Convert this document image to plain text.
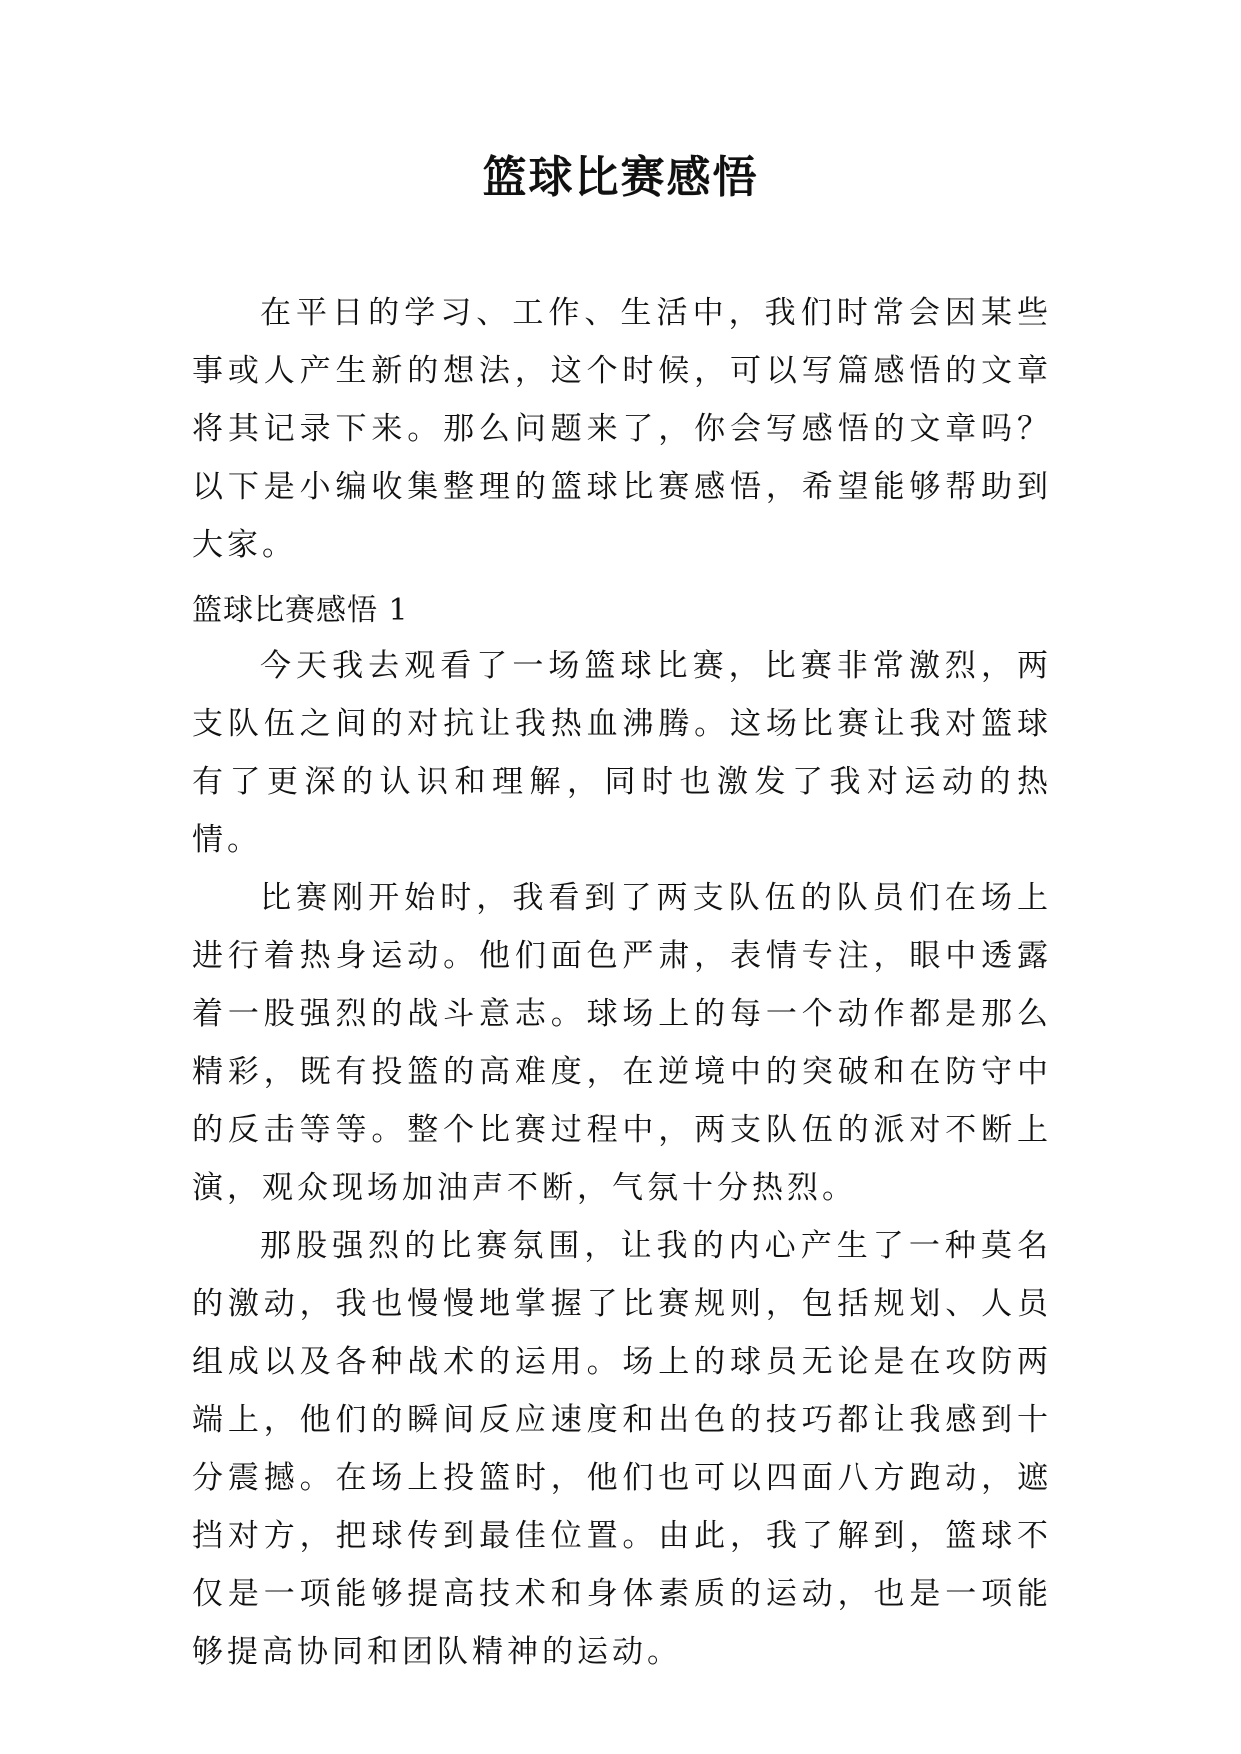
篮球比赛感悟

在平日的学习、工作、生活中，我们时常会因某些事或人产生新的想法，这个时候，可以写篇感悟的文章将其记录下来。那么问题来了，你会写感悟的文章吗？以下是小编收集整理的篮球比赛感悟，希望能够帮助到大家。

篮球比赛感悟 1

今天我去观看了一场篮球比赛，比赛非常激烈，两支队伍之间的对抗让我热血沸腾。这场比赛让我对篮球有了更深的认识和理解，同时也激发了我对运动的热情。

比赛刚开始时，我看到了两支队伍的队员们在场上进行着热身运动。他们面色严肃，表情专注，眼中透露着一股强烈的战斗意志。球场上的每一个动作都是那么精彩，既有投篮的高难度，在逆境中的突破和在防守中的反击等等。整个比赛过程中，两支队伍的派对不断上演，观众现场加油声不断，气氛十分热烈。

那股强烈的比赛氛围，让我的内心产生了一种莫名的激动，我也慢慢地掌握了比赛规则，包括规划、人员组成以及各种战术的运用。场上的球员无论是在攻防两端上，他们的瞬间反应速度和出色的技巧都让我感到十分震撼。在场上投篮时，他们也可以四面八方跑动，遮挡对方，把球传到最佳位置。由此，我了解到，篮球不仅是一项能够提高技术和身体素质的运动，也是一项能够提高协同和团队精神的运动。
